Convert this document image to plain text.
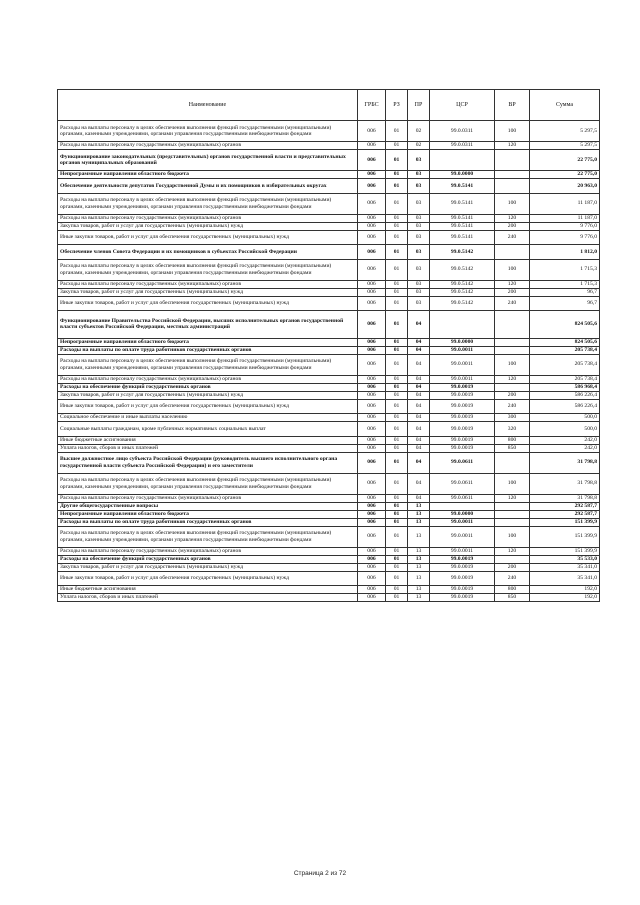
Наименование	ГРБС	РЗ	ПР	ЦСР	ВР	Сумма
Расходы на выплаты персоналу в целях обеспечения выполнения функций государственными (муниципальными) органами, казенными учреждениями, органами управления государственными внебюджетными фондами	006	01	02	99.0.0311	100	5 297,5
Расходы на выплаты персоналу государственных (муниципальных) органов	006	01	02	99.0.0311	120	5 297,5
Функционирование законодательных (представительных) органов государственной власти и представительных органов муниципальных образований	006	01	03			22 775,0
Непрограммные направления областного бюджета	006	01	03	99.0.0000		22 775,0
Обеспечение деятельности депутатов Государственной Думы и их помощников в избирательных округах	006	01	03	99.0.5141		20 963,0
Расходы на выплаты персоналу в целях обеспечения выполнения функций государственными (муниципальными) органами, казенными учреждениями, органами управления государственными внебюджетными фондами	006	01	03	99.0.5141	100	11 187,0
Расходы на выплаты персоналу государственных (муниципальных) органов	006	01	03	99.0.5141	120	11 187,0
Закупка товаров, работ и услуг для государственных (муниципальных) нужд	006	01	03	99.0.5141	200	9 776,0
Иные закупки товаров, работ и услуг для обеспечения государственных (муниципальных) нужд	006	01	03	99.0.5141	240	9 776,0
Обеспечение членов Совета Федерации и их помощников в субъектах Российской Федерации	006	01	03	99.0.5142		1 812,0
Расходы на выплаты персоналу в целях обеспечения выполнения функций государственными (муниципальными) органами, казенными учреждениями, органами управления государственными внебюджетными фондами	006	01	03	99.0.5142	100	1 715,3
Расходы на выплаты персоналу государственных (муниципальных) органов	006	01	03	99.0.5142	120	1 715,3
Закупка товаров, работ и услуг для государственных (муниципальных) нужд	006	01	03	99.0.5142	200	96,7
Иные закупки товаров, работ и услуг для обеспечения государственных (муниципальных) нужд	006	01	03	99.0.5142	240	96,7
Функционирование Правительства Российской Федерации, высших исполнительных органов государственной власти субъектов Российской Федерации, местных администраций	006	01	04			824 505,6
Непрограммные направления областного бюджета	006	01	04	99.0.0000		824 505,6
Расходы на выплаты по оплате труда работников государственных органов	006	01	04	99.0.0011		205 738,4
Расходы на выплаты персоналу в целях обеспечения выполнения функций государственными (муниципальными) органами, казенными учреждениями, органами управления государственными внебюджетными фондами	006	01	04	99.0.0011	100	205 738,4
Расходы на выплаты персоналу государственных (муниципальных) органов	006	01	04	99.0.0011	120	205 738,4
Расходы на обеспечение функций государственных органов	006	01	04	99.0.0019		586 968,4
Закупка товаров, работ и услуг для государственных (муниципальных) нужд	006	01	04	99.0.0019	200	586 226,4
Иные закупки товаров, работ и услуг для обеспечения государственных (муниципальных) нужд	006	01	04	99.0.0019	240	586 226,4
Социальное обеспечение и иные выплаты населению	006	01	04	99.0.0019	300	500,0
Социальные выплаты гражданам, кроме публичных нормативных социальных выплат	006	01	04	99.0.0019	320	500,0
Иные бюджетные ассигнования	006	01	04	99.0.0019	800	242,0
Уплата налогов, сборов и иных платежей	006	01	04	99.0.0019	850	242,0
Высшее должностное лицо субъекта Российской Федерации (руководитель высшего исполнительного органа государственной власти субъекта Российской Федерации) и его заместители	006	01	04	99.0.0611		31 798,8
Расходы на выплаты персоналу в целях обеспечения выполнения функций государственными (муниципальными) органами, казенными учреждениями, органами управления государственными внебюджетными фондами	006	01	04	99.0.0611	100	31 798,8
Расходы на выплаты персоналу государственных (муниципальных) органов	006	01	04	99.0.0611	120	31 798,8
Другие общегосударственные вопросы	006	01	13			292 587,7
Непрограммные направления областного бюджета	006	01	13	99.0.0000		292 587,7
Расходы на выплаты по оплате труда работников государственных органов	006	01	13	99.0.0011		151 399,9
Расходы на выплаты персоналу в целях обеспечения выполнения функций государственными (муниципальными) органами, казенными учреждениями, органами управления государственными внебюджетными фондами	006	01	13	99.0.0011	100	151 399,9
Расходы на выплаты персоналу государственных (муниципальных) органов	006	01	13	99.0.0011	120	151 399,9
Расходы на обеспечение функций государственных органов	006	01	13	99.0.0019		35 533,0
Закупка товаров, работ и услуг для государственных (муниципальных) нужд	006	01	13	99.0.0019	200	35 341,0
Иные закупки товаров, работ и услуг для обеспечения государственных (муниципальных) нужд	006	01	13	99.0.0019	240	35 341,0
Иные бюджетные ассигнования	006	01	13	99.0.0019	800	192,0
Уплата налогов, сборов и иных платежей	006	01	13	99.0.0019	850	192,0
Страница 2 из 72
